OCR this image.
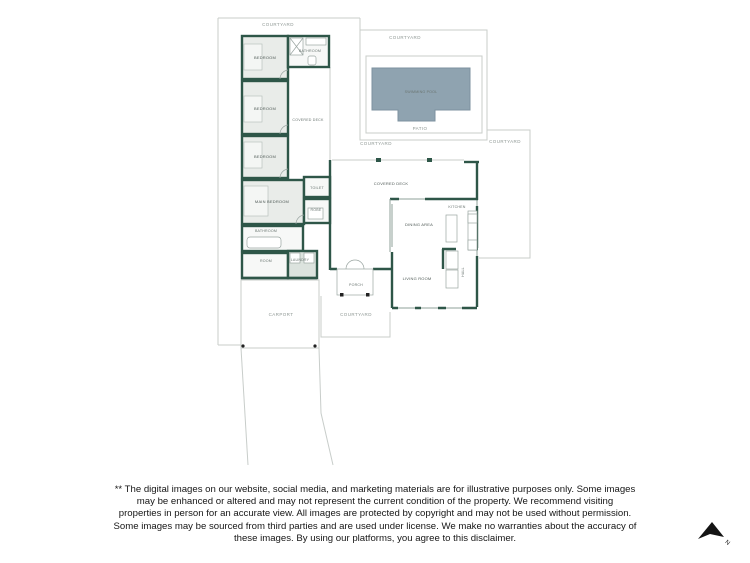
COURTYARD
COURTYARD
COURTYARD	COURTYARD
COURTYARD
CARPORT
PATIO
SWIMMING POOL
BEDROOM
BATHROOM
BEDROOM
BEDROOM
COVERED DECK
MAIN BEDROOM
TOILET
ROBE
BATHROOM
ROOM	LAUNDRY
COVERED DECK
KITCHEN
DINING AREA
LIVING ROOM
PORCH
HALL
N
** The digital images on our website, social media, and marketing materials are for illustrative purposes only. Some images
may be enhanced or altered and may not represent the current condition of the property. We recommend visiting
properties in person for an accurate view. All images are protected by copyright and may not be used without permission.
Some images may be sourced from third parties and are used under license. We make no warranties about the accuracy of
these images. By using our platforms, you agree to this disclaimer.
